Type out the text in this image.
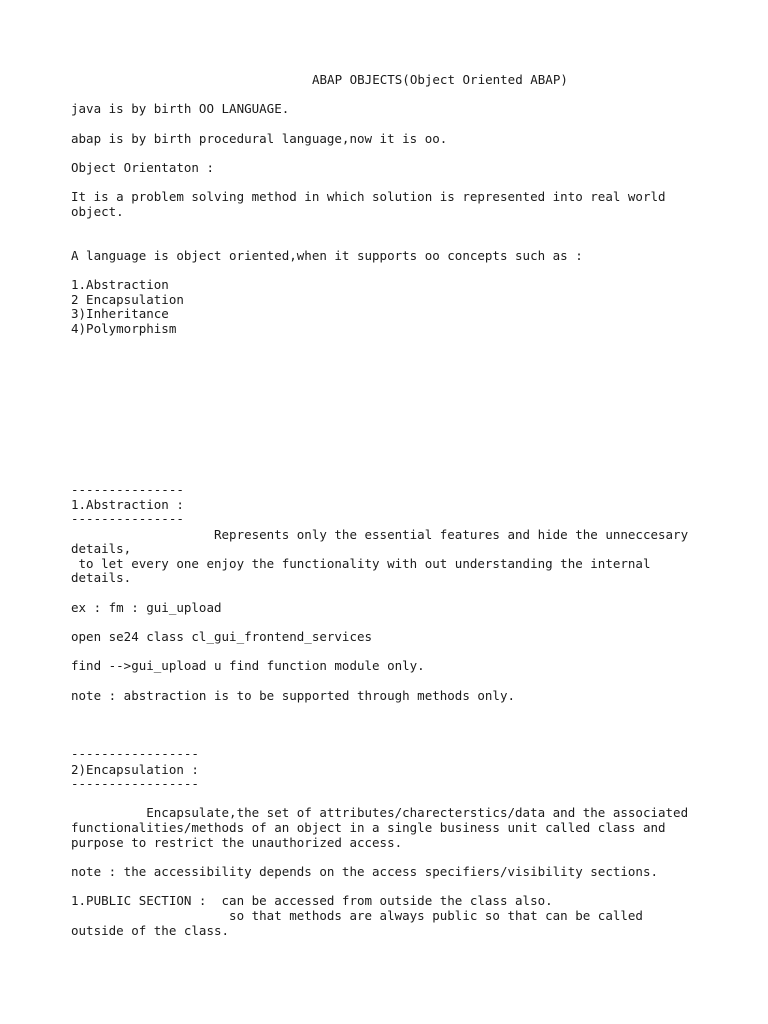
ABAP OBJECTS(Object Oriented ABAP)
java is by birth OO LANGUAGE.
abap is by birth procedural language,now it is oo.
Object Orientaton :
It is a problem solving method in which solution is represented into real world
object.
A language is object oriented,when it supports oo concepts such as :
1.Abstraction
2 Encapsulation
3)Inheritance
4)Polymorphism
---------------
1.Abstraction :
---------------
Represents only the essential features and hide the unneccesary
details,
to let every one enjoy the functionality with out understanding the internal
details.
ex : fm : gui_upload
open se24 class cl_gui_frontend_services
find -->gui_upload u find function module only.
note : abstraction is to be supported through methods only.
-----------------
2)Encapsulation :
-----------------
Encapsulate,the set of attributes/charecterstics/data and the associated
functionalities/methods of an object in a single business unit called class and
purpose to restrict the unauthorized access.
note : the accessibility depends on the access specifiers/visibility sections.
1.PUBLIC SECTION :  can be accessed from outside the class also.
so that methods are always public so that can be called
outside of the class.
